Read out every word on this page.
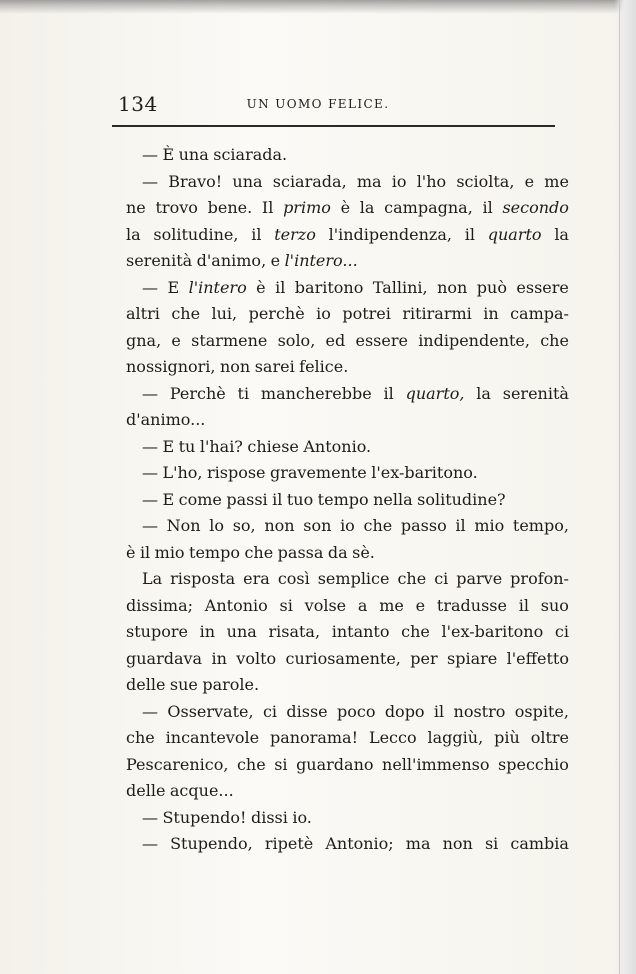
134	UN UOMO FELICE.
— È una sciarada.
— Bravo! una sciarada, ma io l'ho sciolta, e me
ne trovo bene. Il primo è la campagna, il secondo
la solitudine, il terzo l'indipendenza, il quarto la
serenità d'animo, e l'intero...
— E l'intero è il baritono Tallini, non può essere
altri che lui, perchè io potrei ritirarmi in campa-
gna, e starmene solo, ed essere indipendente, che
nossignori, non sarei felice.
— Perchè ti mancherebbe il quarto, la serenità
d'animo...
— E tu l'hai? chiese Antonio.
— L'ho, rispose gravemente l'ex-baritono.
— E come passi il tuo tempo nella solitudine?
— Non lo so, non son io che passo il mio tempo,
è il mio tempo che passa da sè.
La risposta era così semplice che ci parve profon-
dissima; Antonio si volse a me e tradusse il suo
stupore in una risata, intanto che l'ex-baritono ci
guardava in volto curiosamente, per spiare l'effetto
delle sue parole.
— Osservate, ci disse poco dopo il nostro ospite,
che incantevole panorama! Lecco laggiù, più oltre
Pescarenico, che si guardano nell'immenso specchio
delle acque...
— Stupendo! dissi io.
— Stupendo, ripetè Antonio; ma non si cambia
